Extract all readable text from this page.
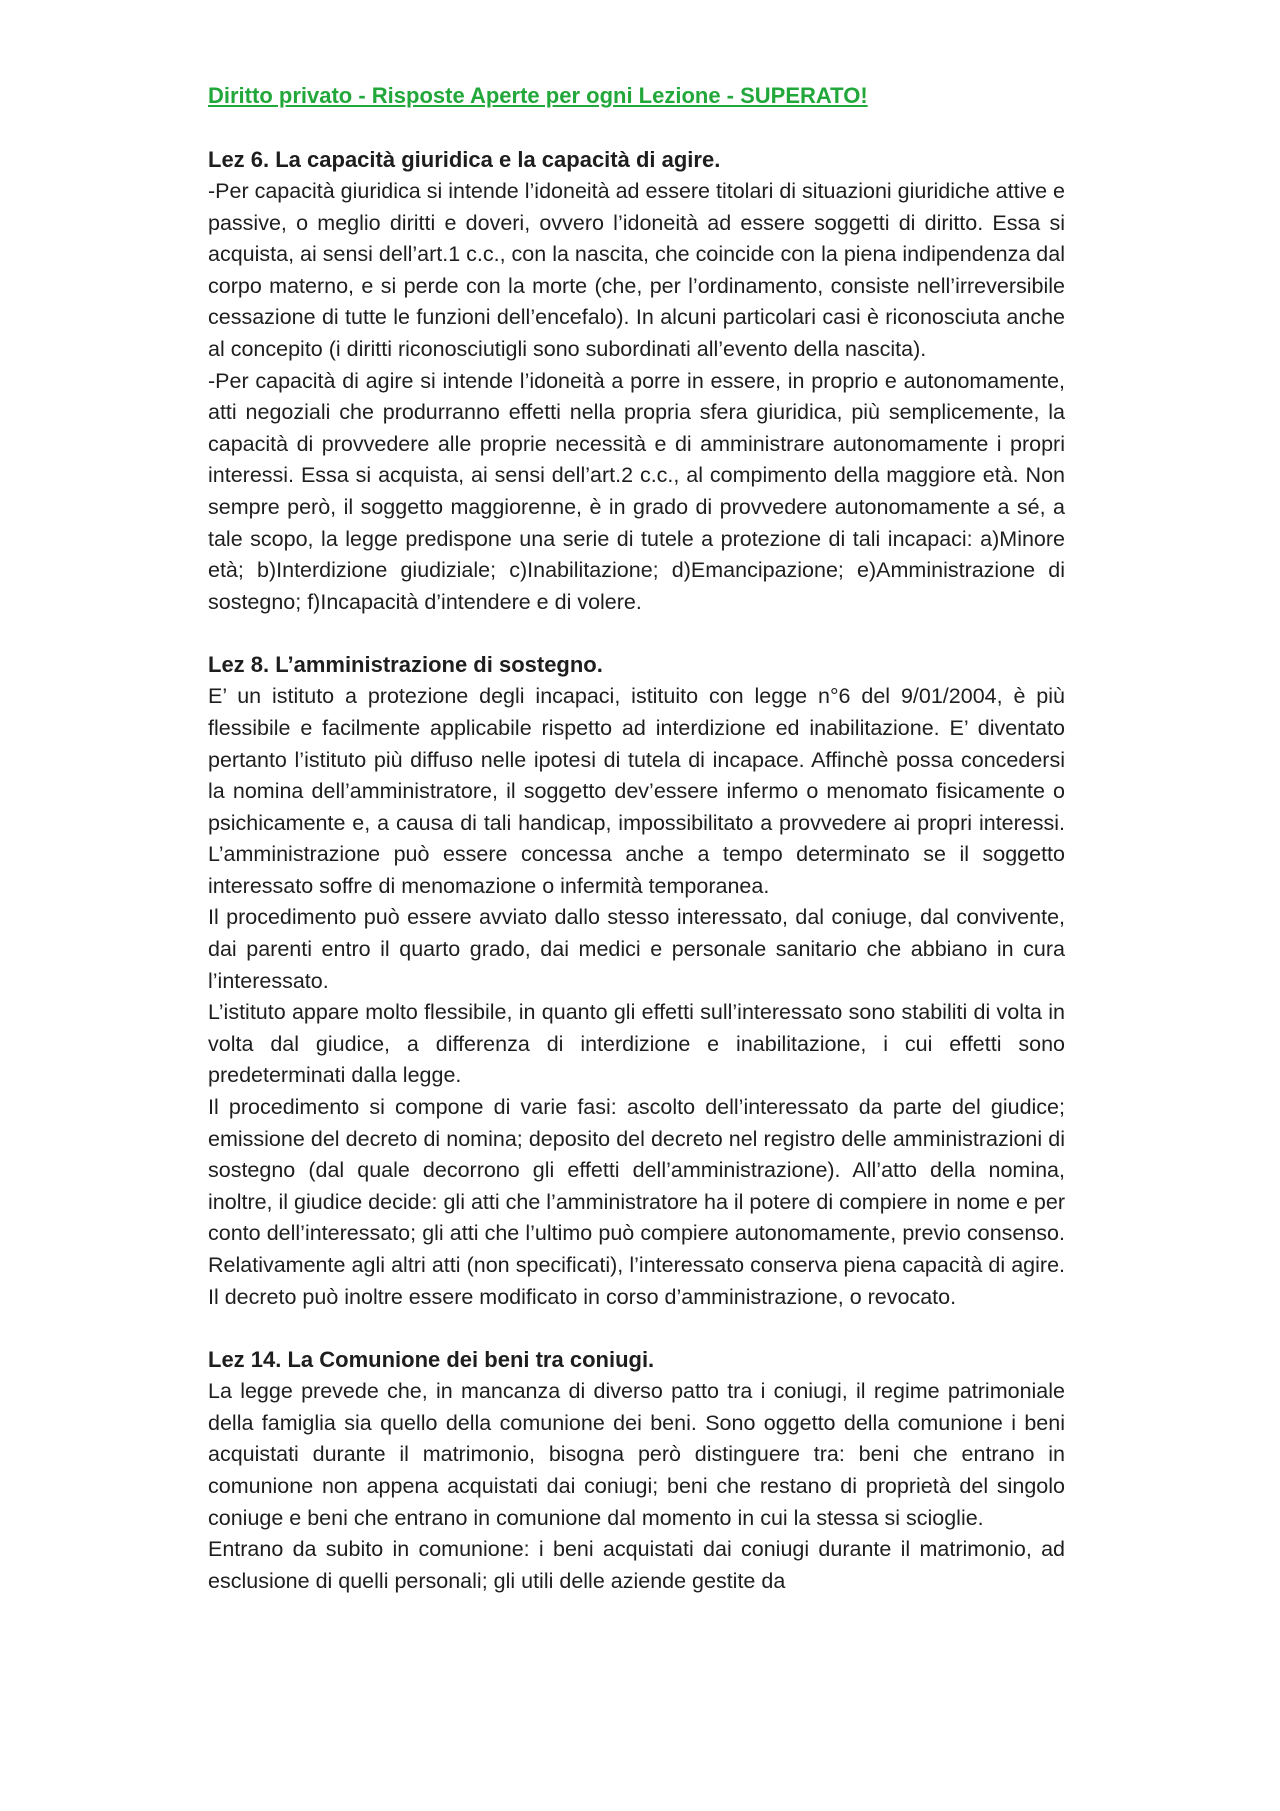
Diritto privato - Risposte Aperte per ogni Lezione - SUPERATO!

Lez 6. La capacità giuridica e la capacità di agire.

-Per capacità giuridica si intende l’idoneità ad essere titolari di situazioni giuridiche attive e passive, o meglio diritti e doveri, ovvero l’idoneità ad essere soggetti di diritto. Essa si acquista, ai sensi dell’art.1 c.c., con la nascita, che coincide con la piena indipendenza dal corpo materno, e si perde con la morte (che, per l’ordinamento, consiste nell’irreversibile cessazione di tutte le funzioni dell’encefalo). In alcuni particolari casi è riconosciuta anche al concepito (i diritti riconosciutigli sono subordinati all’evento della nascita).

-Per capacità di agire si intende l’idoneità a porre in essere, in proprio e autonomamente, atti negoziali che produrranno effetti nella propria sfera giuridica, più semplicemente, la capacità di provvedere alle proprie necessità e di amministrare autonomamente i propri interessi. Essa si acquista, ai sensi dell’art.2 c.c., al compimento della maggiore età. Non sempre però, il soggetto maggiorenne, è in grado di provvedere autonomamente a sé, a tale scopo, la legge predispone una serie di tutele a protezione di tali incapaci: a)Minore età; b)Interdizione giudiziale; c)Inabilitazione; d)Emancipazione; e)Amministrazione di sostegno; f)Incapacità d’intendere e di volere.

Lez 8. L’amministrazione di sostegno.

E’ un istituto a protezione degli incapaci, istituito con legge n°6 del 9/01/2004, è più flessibile e facilmente applicabile rispetto ad interdizione ed inabilitazione. E’ diventato pertanto l’istituto più diffuso nelle ipotesi di tutela di incapace. Affinchè possa concedersi la nomina dell’amministratore, il soggetto dev’essere infermo o menomato fisicamente o psichicamente e, a causa di tali handicap, impossibilitato a provvedere ai propri interessi. L’amministrazione può essere concessa anche a tempo determinato se il soggetto interessato soffre di menomazione o infermità temporanea.

Il procedimento può essere avviato dallo stesso interessato, dal coniuge, dal convivente, dai parenti entro il quarto grado, dai medici e personale sanitario che abbiano in cura l’interessato.

L’istituto appare molto flessibile, in quanto gli effetti sull’interessato sono stabiliti di volta in volta dal giudice, a differenza di interdizione e inabilitazione, i cui effetti sono predeterminati dalla legge.

Il procedimento si compone di varie fasi: ascolto dell’interessato da parte del giudice; emissione del decreto di nomina; deposito del decreto nel registro delle amministrazioni di sostegno (dal quale decorrono gli effetti dell’amministrazione). All’atto della nomina, inoltre, il giudice decide: gli atti che l’amministratore ha il potere di compiere in nome e per conto dell’interessato; gli atti che l’ultimo può compiere autonomamente, previo consenso. Relativamente agli altri atti (non specificati), l’interessato conserva piena capacità di agire. Il decreto può inoltre essere modificato in corso d’amministrazione, o revocato.

Lez 14. La Comunione dei beni tra coniugi.

La legge prevede che, in mancanza di diverso patto tra i coniugi, il regime patrimoniale della famiglia sia quello della comunione dei beni. Sono oggetto della comunione i beni acquistati durante il matrimonio, bisogna però distinguere tra: beni che entrano in comunione non appena acquistati dai coniugi; beni che restano di proprietà del singolo coniuge e beni che entrano in comunione dal momento in cui la stessa si scioglie.

Entrano da subito in comunione: i beni acquistati dai coniugi durante il matrimonio, ad esclusione di quelli personali; gli utili delle aziende gestite da
